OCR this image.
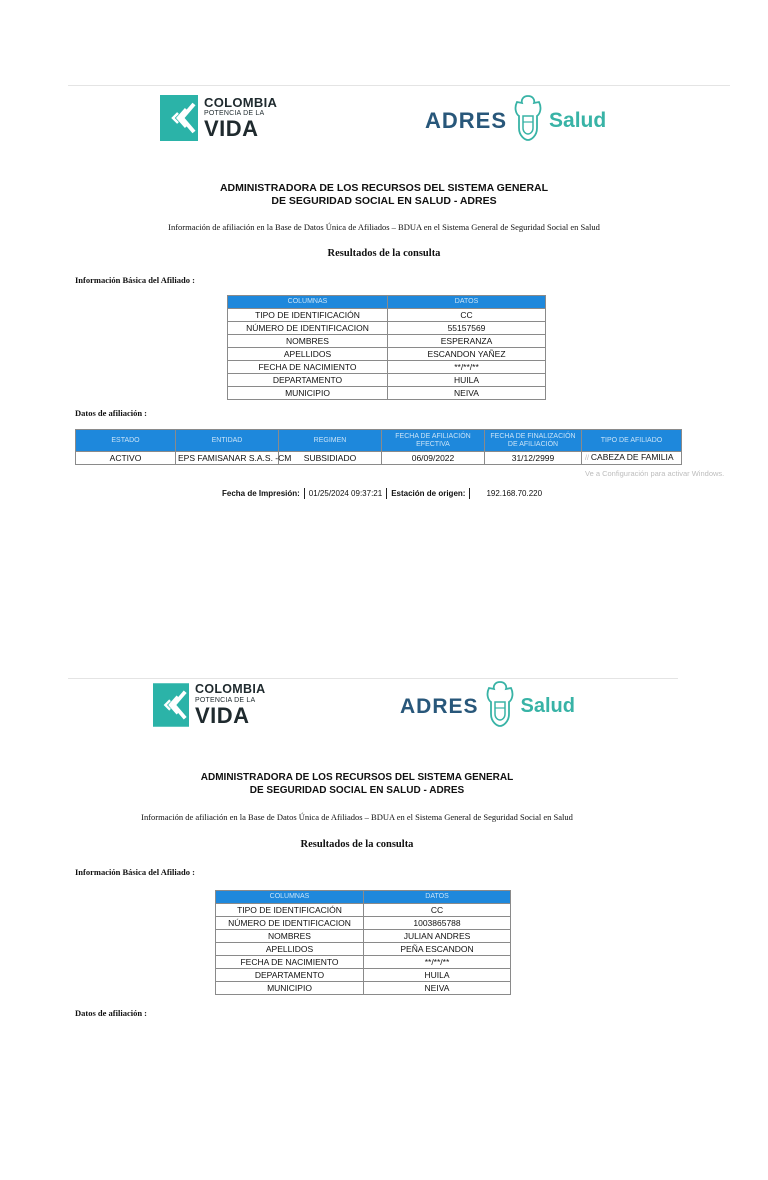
COLOMBIA
POTENCIA DE LA
VIDA	ADRES Salud
ADMINISTRADORA DE LOS RECURSOS DEL SISTEMA GENERAL
DE SEGURIDAD SOCIAL EN SALUD - ADRES
Información de afiliación en la Base de Datos Única de Afiliados – BDUA en el Sistema General de Seguridad Social en Salud
Resultados de la consulta
Información Básica del Afiliado :
COLUMNAS	DATOS
TIPO DE IDENTIFICACIÓN	CC
NÚMERO DE IDENTIFICACION	55157569
NOMBRES	ESPERANZA
APELLIDOS	ESCANDON YAÑEZ
FECHA DE NACIMIENTO	**/**/**
DEPARTAMENTO	HUILA
MUNICIPIO	NEIVA
Datos de afiliación :
ESTADO	ENTIDAD	REGIMEN	FECHA DE AFILIACIÓN EFECTIVA	FECHA DE FINALIZACIÓN DE AFILIACIÓN	TIPO DE AFILIADO
ACTIVO	EPS FAMISANAR S.A.S. -CM	SUBSIDIADO	06/09/2022	31/12/2999	// CABEZA DE FAMILIA
Ve a Configuración para activar Windows.
Fecha de Impresión: 01/25/2024 09:37:21 Estación de origen:	192.168.70.220
COLOMBIA
POTENCIA DE LA
VIDA	ADRES Salud
ADMINISTRADORA DE LOS RECURSOS DEL SISTEMA GENERAL
DE SEGURIDAD SOCIAL EN SALUD - ADRES
Información de afiliación en la Base de Datos Única de Afiliados – BDUA en el Sistema General de Seguridad Social en Salud
Resultados de la consulta
Información Básica del Afiliado :
COLUMNAS	DATOS
TIPO DE IDENTIFICACIÓN	CC
NÚMERO DE IDENTIFICACION	1003865788
NOMBRES	JULIAN ANDRES
APELLIDOS	PEÑA ESCANDON
FECHA DE NACIMIENTO	**/**/**
DEPARTAMENTO	HUILA
MUNICIPIO	NEIVA
Datos de afiliación :
